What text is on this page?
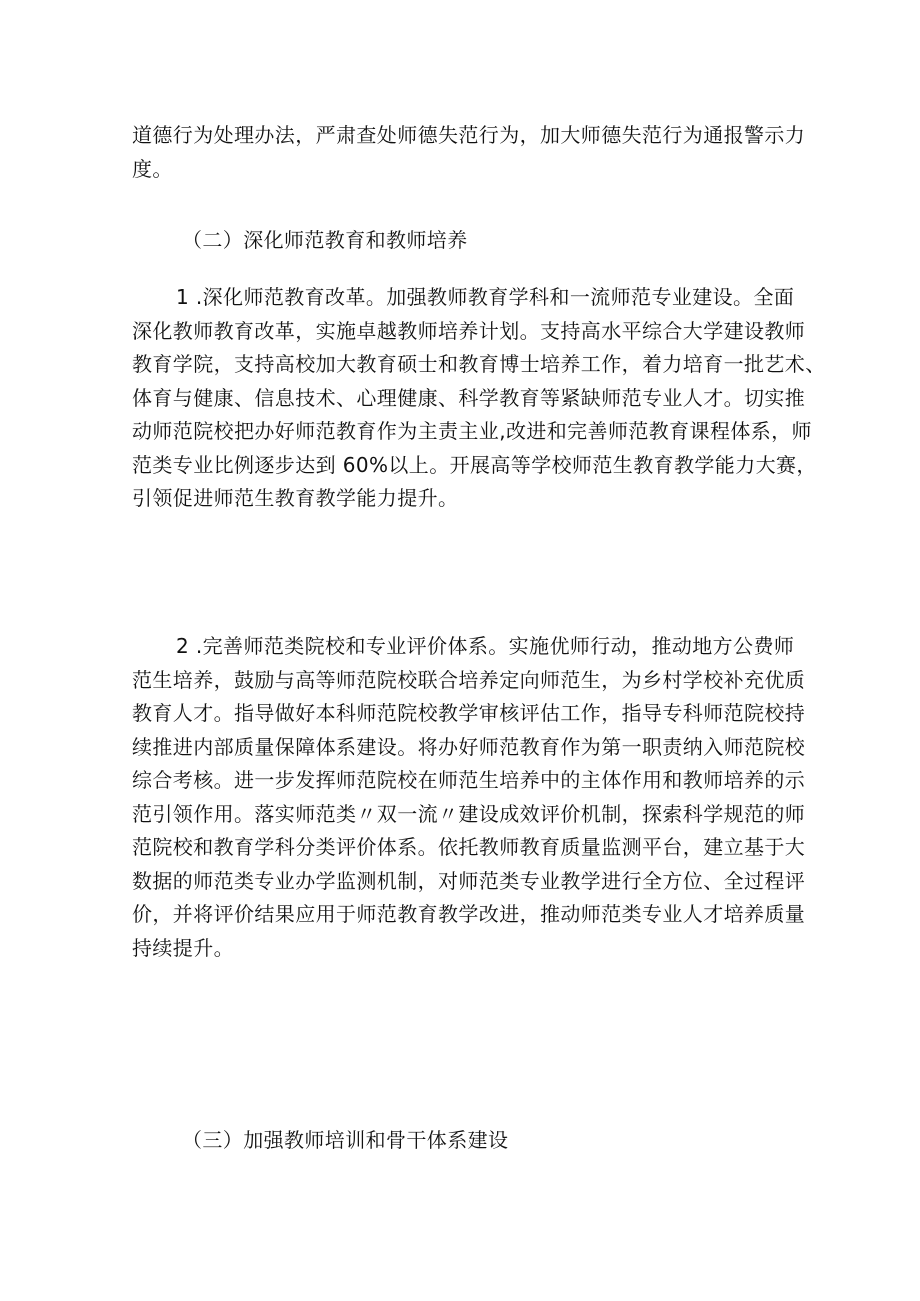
道德行为处理办法，严肃查处师德失范行为，加大师德失范行为通报警示力
度。

（二）深化师范教育和教师培养

1 .深化师范教育改革。加强教师教育学科和一流师范专业建设。全面
深化教师教育改革，实施卓越教师培养计划。支持高水平综合大学建设教师
教育学院，支持高校加大教育硕士和教育博士培养工作，着力培育一批艺术、
体育与健康、信息技术、心理健康、科学教育等紧缺师范专业人才。切实推
动师范院校把办好师范教育作为主责主业,改进和完善师范教育课程体系，师
范类专业比例逐步达到 60%以上。开展高等学校师范生教育教学能力大赛，
引领促进师范生教育教学能力提升。

2 .完善师范类院校和专业评价体系。实施优师行动，推动地方公费师
范生培养，鼓励与高等师范院校联合培养定向师范生，为乡村学校补充优质
教育人才。指导做好本科师范院校教学审核评估工作，指导专科师范院校持
续推进内部质量保障体系建设。将办好师范教育作为第一职责纳入师范院校
综合考核。进一步发挥师范院校在师范生培养中的主体作用和教师培养的示
范引领作用。落实师范类〃双一流〃建设成效评价机制，探索科学规范的师
范院校和教育学科分类评价体系。依托教师教育质量监测平台，建立基于大
数据的师范类专业办学监测机制，对师范类专业教学进行全方位、全过程评
价，并将评价结果应用于师范教育教学改进，推动师范类专业人才培养质量
持续提升。

（三）加强教师培训和骨干体系建设
